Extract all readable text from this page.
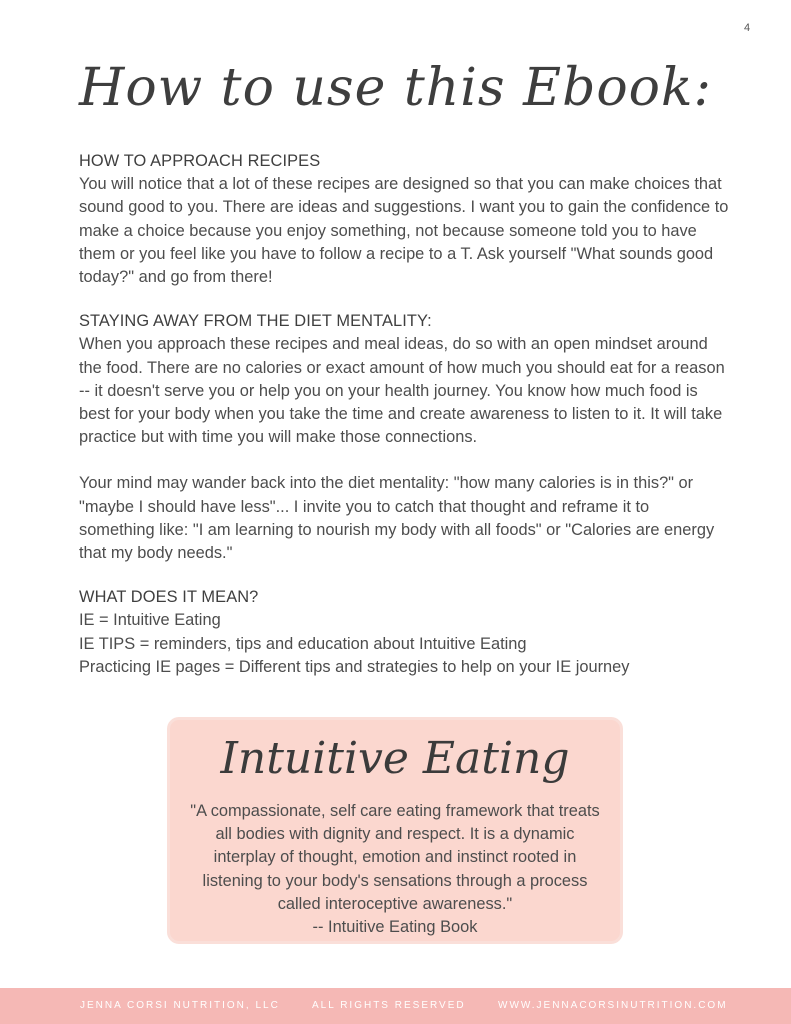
4
How to use this Ebook:
HOW TO APPROACH RECIPES

You will notice that a lot of these recipes are designed so that you can make choices that sound good to you. There are ideas and suggestions. I want you to gain the confidence to make a choice because you enjoy something, not because someone told you to have them or you feel like you have to follow a recipe to a T. Ask yourself "What sounds good today?" and go from there!

STAYING AWAY FROM THE DIET MENTALITY:

When you approach these recipes and meal ideas, do so with an open mindset around the food. There are no calories or exact amount of how much you should eat for a reason -- it doesn't serve you or help you on your health journey. You know how much food is best for your body when you take the time and create awareness to listen to it. It will take practice but with time you will make those connections.

Your mind may wander back into the diet mentality: "how many calories is in this?" or "maybe I should have less"... I invite you to catch that thought and reframe it to something like: "I am learning to nourish my body with all foods" or "Calories are energy that my body needs."

WHAT DOES IT MEAN?
IE = Intuitive Eating
IE TIPS = reminders, tips and education about Intuitive Eating
Practicing IE pages = Different tips and strategies to help on your IE journey
Intuitive Eating
"A compassionate, self care eating framework that treats all bodies with dignity and respect. It is a dynamic interplay of thought, emotion and instinct rooted in listening to your body's sensations through a process called interoceptive awareness."
-- Intuitive Eating Book
JENNA CORSI NUTRITION, LLC	ALL RIGHTS RESERVED	WWW.JENNACORSINUTRITION.COM
